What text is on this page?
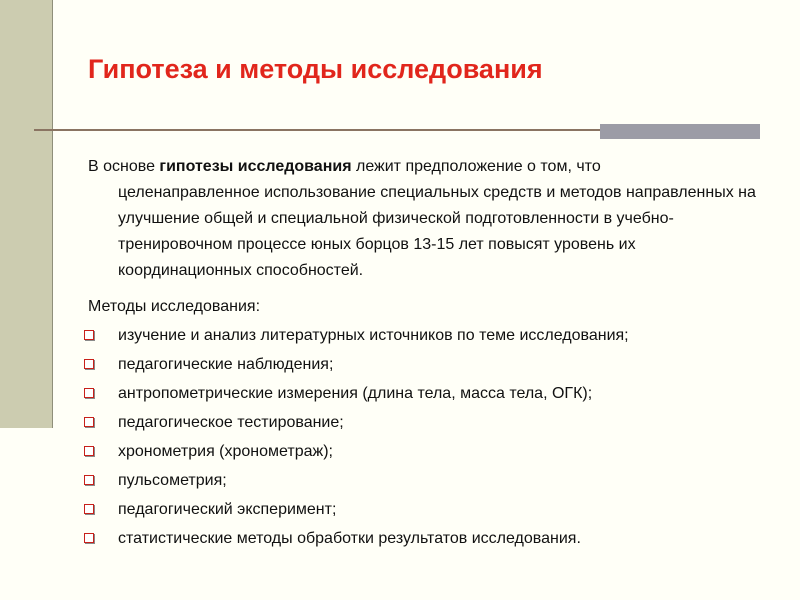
Гипотеза и методы исследования

В основе гипотезы исследования лежит предположение о том, что
целенаправленное использование специальных средств и методов направленных на улучшение общей и специальной физической подготовленности в учебно-тренировочном процессе юных борцов 13-15 лет повысят уровень их координационных способностей.

Методы исследования:

изучение и анализ литературных источников по теме исследования;
педагогические наблюдения;
антропометрические измерения (длина тела, масса тела, ОГК);
педагогическое тестирование;
хронометрия (хронометраж);
пульсометрия;
педагогический эксперимент;
статистические методы обработки результатов исследования.
